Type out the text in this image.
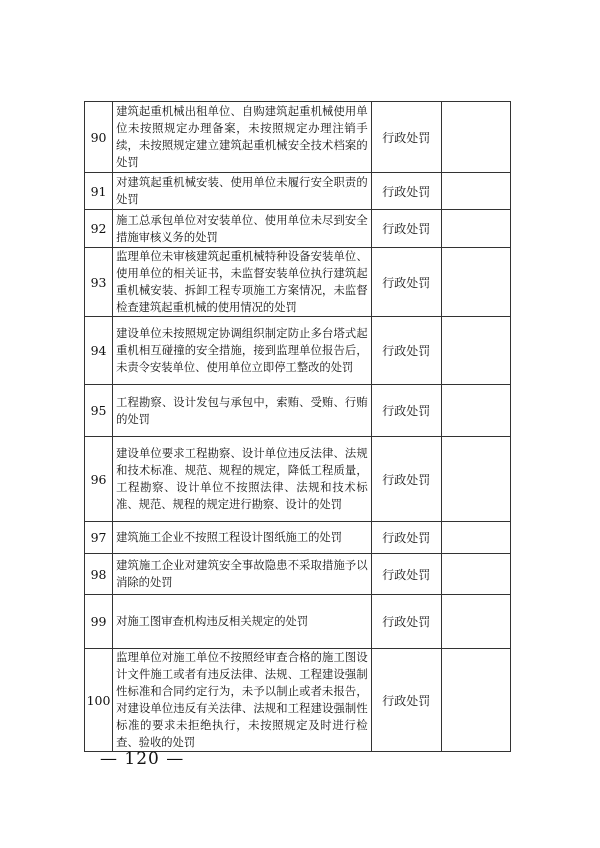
90	建筑起重机械出租单位、自购建筑起重机械使用单位未按照规定办理备案，未按照规定办理注销手续，未按照规定建立建筑起重机械安全技术档案的处罚	行政处罚	
91	对建筑起重机械安装、使用单位未履行安全职责的处罚	行政处罚	
92	施工总承包单位对安装单位、使用单位未尽到安全措施审核义务的处罚	行政处罚	
93	监理单位未审核建筑起重机械特种设备安装单位、使用单位的相关证书，未监督安装单位执行建筑起重机械安装、拆卸工程专项施工方案情况，未监督检查建筑起重机械的使用情况的处罚	行政处罚	
94	建设单位未按照规定协调组织制定防止多台塔式起重机相互碰撞的安全措施，接到监理单位报告后，未责令安装单位、使用单位立即停工整改的处罚	行政处罚	
95	工程勘察、设计发包与承包中，索贿、受贿、行贿的处罚	行政处罚	
96	建设单位要求工程勘察、设计单位违反法律、法规和技术标准、规范、规程的规定，降低工程质量，工程勘察、设计单位不按照法律、法规和技术标准、规范、规程的规定进行勘察、设计的处罚	行政处罚	
97	建筑施工企业不按照工程设计图纸施工的处罚	行政处罚	
98	建筑施工企业对建筑安全事故隐患不采取措施予以消除的处罚	行政处罚	
99	对施工图审查机构违反相关规定的处罚	行政处罚	
100	监理单位对施工单位不按照经审查合格的施工图设计文件施工或者有违反法律、法规、工程建设强制性标准和合同约定行为，未予以制止或者未报告，对建设单位违反有关法律、法规和工程建设强制性标准的要求未拒绝执行，未按照规定及时进行检查、验收的处罚	行政处罚	
— 120 —
